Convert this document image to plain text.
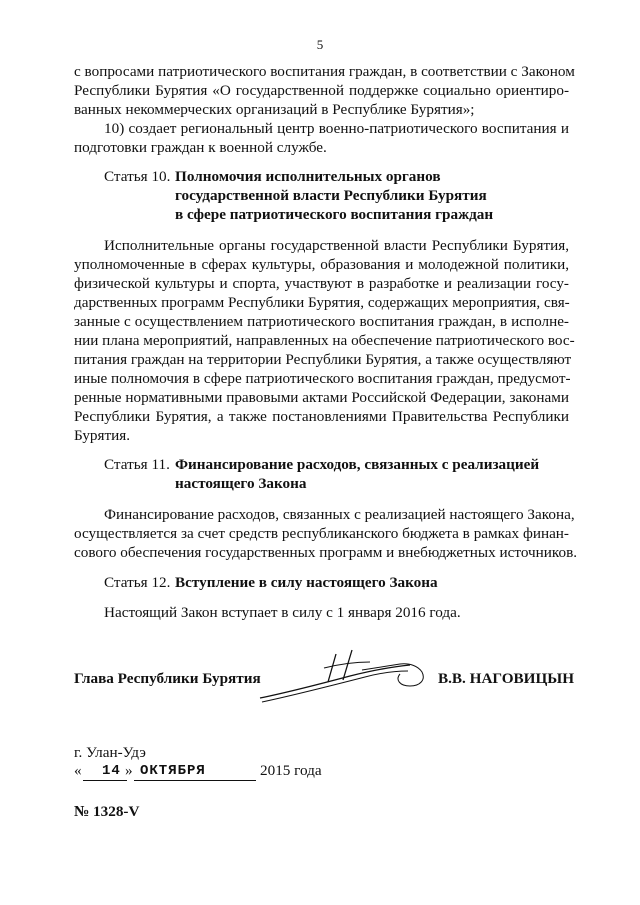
5
с вопросами патриотического воспитания граждан, в соответствии с Законом
Республики Бурятия «О государственной поддержке социально ориентиро-
ванных некоммерческих организаций в Республике Бурятия»;
10) создает региональный центр военно-патриотического воспитания и
подготовки граждан к военной службе.
Статья 10. Полномочия исполнительных органов
государственной власти Республики Бурятия
в сфере патриотического воспитания граждан
Исполнительные органы государственной власти Республики Бурятия,
уполномоченные в сферах культуры, образования и молодежной политики,
физической культуры и спорта, участвуют в разработке и реализации госу-
дарственных программ Республики Бурятия, содержащих мероприятия, свя-
занные с осуществлением патриотического воспитания граждан, в исполне-
нии плана мероприятий, направленных на обеспечение патриотического вос-
питания граждан на территории Республики Бурятия, а также осуществляют
иные полномочия в сфере патриотического воспитания граждан, предусмот-
ренные нормативными правовыми актами Российской Федерации, законами
Республики Бурятия, а также постановлениями Правительства Республики
Бурятия.
Статья 11. Финансирование расходов, связанных с реализацией
настоящего Закона
Финансирование расходов, связанных с реализацией настоящего Закона,
осуществляется за счет средств республиканского бюджета в рамках финан-
сового обеспечения государственных программ и внебюджетных источников.
Статья 12. Вступление в силу настоящего Закона
Настоящий Закон вступает в силу с 1 января 2016 года.
Глава Республики Бурятия	В.В. НАГОВИЦЫН
г. Улан-Удэ
« 14 » ОКТЯБРЯ	2015 года
№ 1328-V
